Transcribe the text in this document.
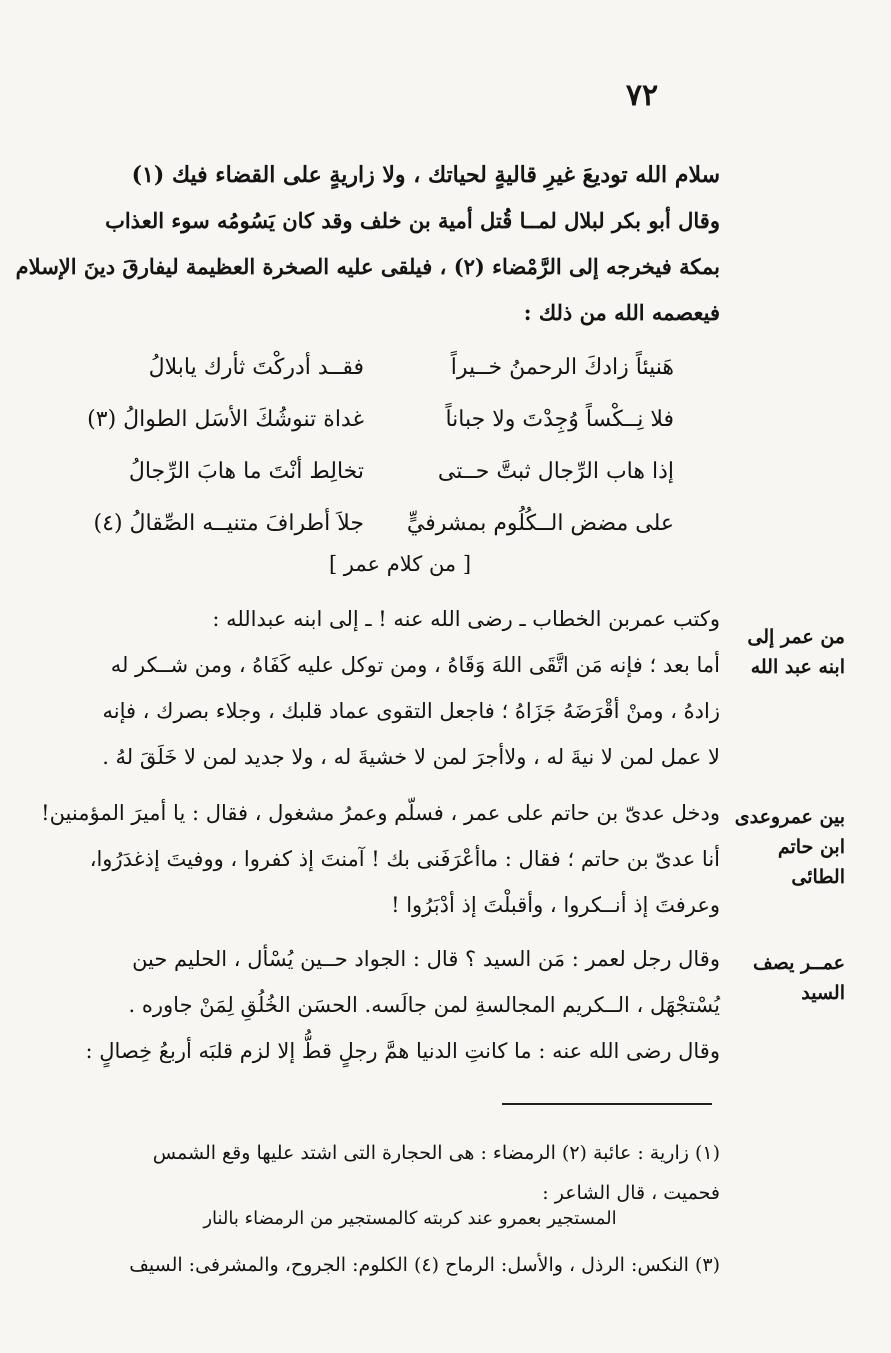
٧٢
سلام الله توديعَ غيرِ قاليةٍ لحياتك ، ولا زاريةٍ على القضاء فيك (١)
وقال أبو بكر لبلال لمــا قُتل أمية بن خلف وقد كان يَسُومُه سوء العذاب
بمكة فيخرجه إلى الرَّمْضاء (٢) ، فيلقى عليه الصخرة العظيمة ليفارقَ دينَ الإسلام
فيعصمه الله من ذلك :
هَنيئاً زادكَ الرحمنُ خــيراً
فقــد أدركْتَ ثأرك يابلالُ
فلا نِــكْساً وُجِدْتَ ولا جباناً
غداة تنوشُكَ الأسَل الطوالُ (٣)
إذا هاب الرِّجال ثبتَّ حــتى
تخالِط أنْتَ ما هابَ الرِّجالُ
على مضض الــكُلُوم بمشرفيٍّ
جلاَ أطرافَ متنيــه الصِّقالُ (٤)
[ من كلام عمر ]
من عمر إلى
ابنه عبد الله
وكتب عمربن الخطاب ـ رضى الله عنه ! ـ إلى ابنه عبدالله :
أما بعد ؛ فإنه مَن اتَّقَى اللهَ وَقَاهُ ، ومن توكل عليه كَفَاهُ ، ومن شــكر له
زادهُ ، ومنْ أقْرَضَهُ جَزَاهُ ؛ فاجعل التقوى عماد قلبك ، وجلاء بصرك ، فإنه
لا عمل لمن لا نيةَ له ، ولاأجرَ لمن لا خشيةَ له ، ولا جديد لمن لا خَلَقَ لهُ .
بين عمروعدى
ابن حاتم الطائى
ودخل عدىّ بن حاتم على عمر ، فسلّم وعمرُ مشغول ، فقال : يا أميرَ المؤمنين!
أنا عدىّ بن حاتم ؛ فقال : ماأعْرَفَنى بك ! آمنتَ إذ كفروا ، ووفيتَ إذغدَرُوا،
وعرفتَ إذ أنــكروا ، وأقبلْتَ إذ أدْبَرُوا !
عمــر يصف
السيد
وقال رجل لعمر : مَن السيد ؟ قال : الجواد حــين يُسْأل ، الحليم حين
يُسْتجْهَل ، الــكريم المجالسةِ لمن جالَسه. الحسَن الخُلُقِ لِمَنْ جاوره .
وقال رضى الله عنه : ما كانتِ الدنيا همَّ رجلٍ قطُّ إلا لزم قلبَه أربعُ خِصالٍ :
(١) زارية : عائبة (٢) الرمضاء : هى الحجارة التى اشتد عليها وقع الشمس
فحميت ، قال الشاعر :
المستجير بعمرو عند كربته كالمستجير من الرمضاء بالنار
(٣) النكس: الرذل ، والأسل: الرماح (٤) الكلوم: الجروح، والمشرفى: السيف
